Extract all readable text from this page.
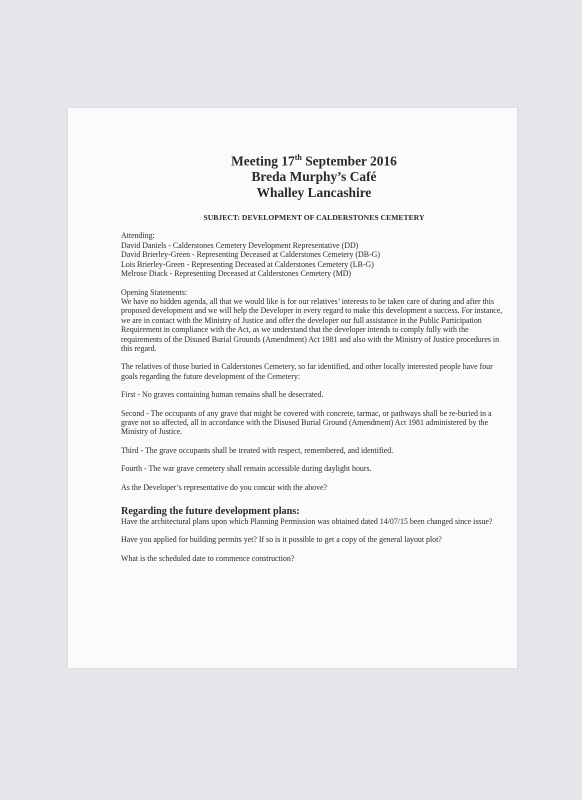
Meeting 17th September 2016
Breda Murphy’s Café
Whalley Lancashire
SUBJECT: DEVELOPMENT OF CALDERSTONES CEMETERY

Attending:

David Daniels - Calderstones Cemetery Development Representative (DD)

David Brierley-Green - Representing Deceased at Calderstones Cemetery (DB-G)

Lois Brierley-Green - Representing Deceased at Calderstones Cemetery (LB-G)

Melrose Diack - Representing Deceased at Calderstones Cemetery (MD)

Opening Statements:

We have no hidden agenda, all that we would like is for our relatives’ interests to be taken care of during and after this proposed development and we will help the Developer in every regard to make this development a success. For instance, we are in contact with the Ministry of Justice and offer the developer our full assistance in the Public Participation Requirement in compliance with the Act, as we understand that the developer intends to comply fully with the requirements of the Disused Burial Grounds (Amendment) Act 1981 and also with the Ministry of Justice procedures in this regard.

The relatives of those buried in Calderstones Cemetery, so far identified, and other locally interested people have four goals regarding the future development of the Cemetery:
First - No graves containing human remains shall be desecrated.
Second - The occupants of any grave that might be covered with concrete, tarmac, or pathways shall be re-buried in a grave not so affected, all in accordance with the Disused Burial Ground (Amendment) Act 1981 administered by the Ministry of Justice.
Third - The grave occupants shall be treated with respect, remembered, and identified.
Fourth - The war grave cemetery shall remain accessible during daylight hours.
As the Developer’s representative do you concur with the above?
Regarding the future development plans:
Have the architectural plans upon which Planning Permission was obtained dated 14/07/15 been changed since issue?
Have you applied for building permits yet? If so is it possible to get a copy of the general layout plot?
What is the scheduled date to commence construction?
